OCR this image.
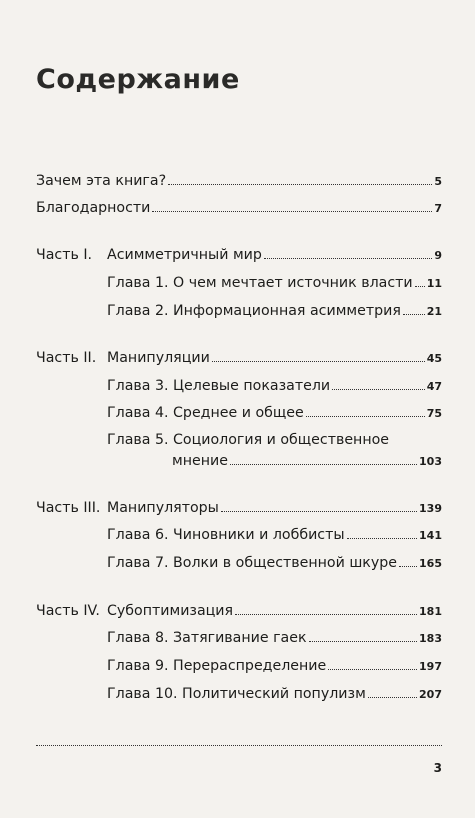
Содержание
Зачем эта книга?	5
Благодарности	7
Часть I. Асимметричный мир	9
Глава 1. О чем мечтает источник власти 11
Глава 2. Информационная асимметрия 21
Часть II. Манипуляции	45
Глава 3. Целевые показатели	47
Глава 4. Среднее и общее	75
Глава 5. Социология и общественное
мнение	103
Часть III. Манипуляторы	139
Глава 6. Чиновники и лоббисты	141
Глава 7. Волки в общественной шкуре 165
Часть IV. Субоптимизация	181
Глава 8. Затягивание гаек	183
Глава 9. Перераспределение	197
Глава 10. Политический популизм	207
3
